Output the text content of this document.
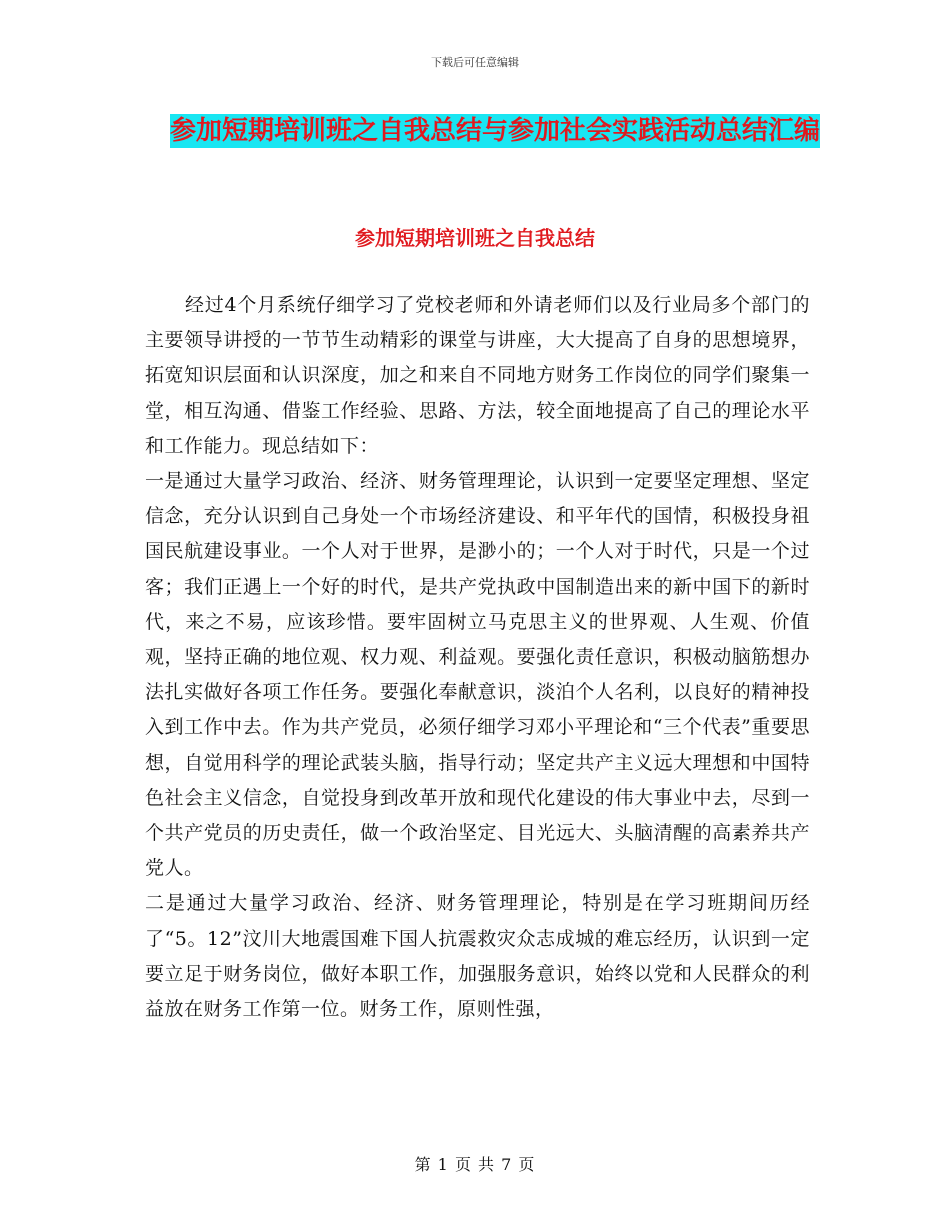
下载后可任意编辑
参加短期培训班之自我总结与参加社会实践活动总结汇编
参加短期培训班之自我总结

经过4个月系统仔细学习了党校老师和外请老师们以及行业局多个部门的主要领导讲授的一节节生动精彩的课堂与讲座，大大提高了自身的思想境界，拓宽知识层面和认识深度，加之和来自不同地方财务工作岗位的同学们聚集一堂，相互沟通、借鉴工作经验、思路、方法，较全面地提高了自己的理论水平和工作能力。现总结如下：

一是通过大量学习政治、经济、财务管理理论，认识到一定要坚定理想、坚定信念，充分认识到自己身处一个市场经济建设、和平年代的国情，积极投身祖国民航建设事业。一个人对于世界，是渺小的；一个人对于时代，只是一个过客；我们正遇上一个好的时代，是共产党执政中国制造出来的新中国下的新时代，来之不易，应该珍惜。要牢固树立马克思主义的世界观、人生观、价值观，坚持正确的地位观、权力观、利益观。要强化责任意识，积极动脑筋想办法扎实做好各项工作任务。要强化奉献意识，淡泊个人名利，以良好的精神投入到工作中去。作为共产党员，必须仔细学习邓小平理论和“三个代表”重要思想，自觉用科学的理论武装头脑，指导行动；坚定共产主义远大理想和中国特色社会主义信念，自觉投身到改革开放和现代化建设的伟大事业中去，尽到一个共产党员的历史责任，做一个政治坚定、目光远大、头脑清醒的高素养共产党人。

二是通过大量学习政治、经济、财务管理理论，特别是在学习班期间历经了“5。12”汶川大地震国难下国人抗震救灾众志成城的难忘经历，认识到一定要立足于财务岗位，做好本职工作，加强服务意识，始终以党和人民群众的利益放在财务工作第一位。财务工作，原则性强，

第 1 页 共 7 页
